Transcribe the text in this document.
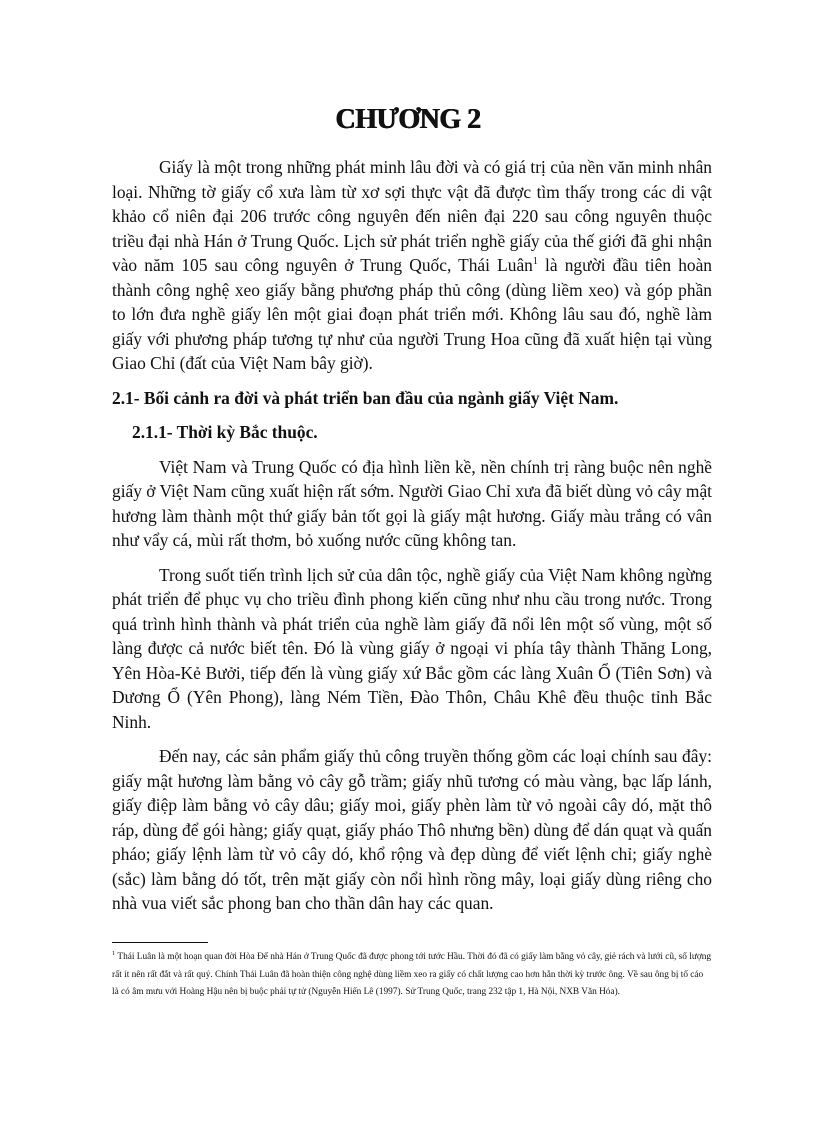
CHƯƠNG 2

Giấy là một trong những phát minh lâu đời và có giá trị của nền văn minh nhân loại. Những tờ giấy cổ xưa làm từ xơ sợi thực vật đã được tìm thấy trong các di vật khảo cổ niên đại 206 trước công nguyên đến niên đại 220 sau công nguyên thuộc triều đại nhà Hán ở Trung Quốc. Lịch sử phát triển nghề giấy của thế giới đã ghi nhận vào năm 105 sau công nguyên ở Trung Quốc, Thái Luân$^1$ là người đầu tiên hoàn thành công nghệ xeo giấy bằng phương pháp thủ công (dùng liềm xeo) và góp phần to lớn đưa nghề giấy lên một giai đoạn phát triển mới. Không lâu sau đó, nghề làm giấy với phương pháp tương tự như của người Trung Hoa cũng đã xuất hiện tại vùng Giao Chỉ (đất của Việt Nam bây giờ).

2.1- Bối cảnh ra đời và phát triển ban đầu của ngành giấy Việt Nam.
2.1.1- Thời kỳ Bắc thuộc.

Việt Nam và Trung Quốc có địa hình liền kề, nền chính trị ràng buộc nên nghề giấy ở Việt Nam cũng xuất hiện rất sớm. Người Giao Chỉ xưa đã biết dùng vỏ cây mật hương làm thành một thứ giấy bản tốt gọi là giấy mật hương. Giấy màu trắng có vân như vẩy cá, mùi rất thơm, bỏ xuống nước cũng không tan.

Trong suốt tiến trình lịch sử của dân tộc, nghề giấy của Việt Nam không ngừng phát triển để phục vụ cho triều đình phong kiến cũng như nhu cầu trong nước. Trong quá trình hình thành và phát triển của nghề làm giấy đã nổi lên một số vùng, một số làng được cả nước biết tên. Đó là vùng giấy ở ngoại vi phía tây thành Thăng Long, Yên Hòa-Kẻ Bưởi, tiếp đến là vùng giấy xứ Bắc gồm các làng Xuân Ổ (Tiên Sơn) và Dương Ổ (Yên Phong), làng Ném Tiền, Đào Thôn, Châu Khê đều thuộc tỉnh Bắc Ninh.

Đến nay, các sản phẩm giấy thủ công truyền thống gồm các loại chính sau đây: giấy mật hương làm bằng vỏ cây gỗ trầm; giấy nhũ tương có màu vàng, bạc lấp lánh, giấy điệp làm bằng vỏ cây dâu; giấy moi, giấy phèn làm từ vỏ ngoài cây dó, mặt thô ráp, dùng để gói hàng; giấy quạt, giấy pháo Thô nhưng bền) dùng để dán quạt và quấn pháo; giấy lệnh làm từ vỏ cây dó, khổ rộng và đẹp dùng để viết lệnh chỉ; giấy nghè (sắc) làm bằng dó tốt, trên mặt giấy còn nổi hình rồng mây, loại giấy dùng riêng cho nhà vua viết sắc phong ban cho thần dân hay các quan.

$^1$ Thái Luân là một hoạn quan đời Hòa Đế nhà Hán ở Trung Quốc đã được phong tới tước Hầu. Thời đó đã có giấy làm bằng vỏ cây, giẻ rách và lưới cũ, số lượng rất ít nên rất đắt và rất quý. Chính Thái Luân đã hoàn thiện công nghệ dùng liềm xeo ra giấy có chất lượng cao hơn hẳn thời kỳ trước ông. Về sau ông bị tố cáo là có âm mưu với Hoàng Hậu nên bị buộc phải tự tử (Nguyễn Hiến Lê (1997). Sử Trung Quốc, trang 232 tập 1, Hà Nội, NXB Văn Hóa).
